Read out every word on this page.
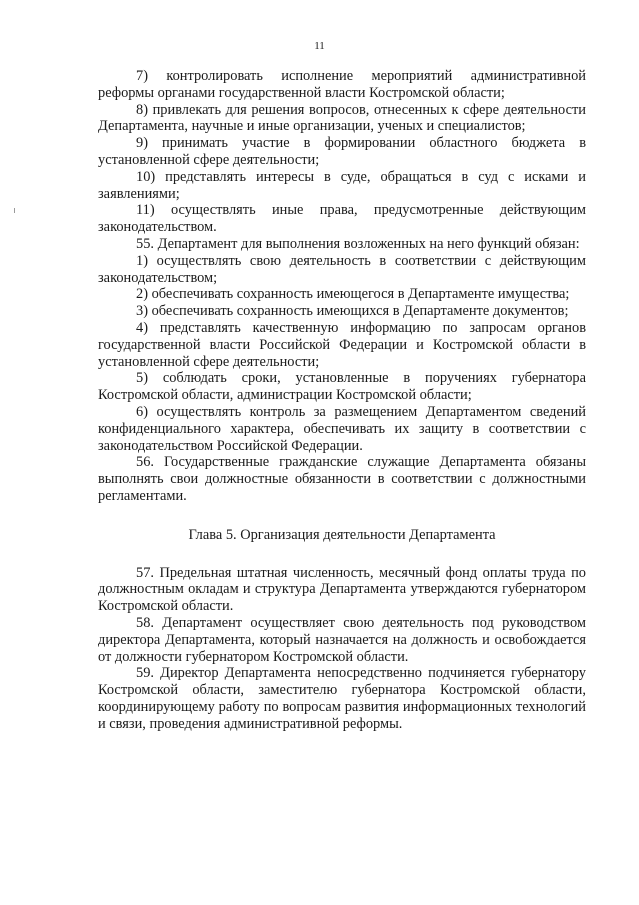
11

7) контролировать исполнение мероприятий административной реформы органами государственной власти Костромской области;

8) привлекать для решения вопросов, отнесенных к сфере деятельности Департамента, научные и иные организации, ученых и специалистов;

9) принимать участие в формировании областного бюджета в установленной сфере деятельности;

10) представлять интересы в суде, обращаться в суд с исками и заявлениями;

11) осуществлять иные права, предусмотренные действующим законодательством.

55. Департамент для выполнения возложенных на него функций обязан:

1) осуществлять свою деятельность в соответствии с действующим законодательством;

2) обеспечивать сохранность имеющегося в Департаменте имущества;

3) обеспечивать сохранность имеющихся в Департаменте документов;

4) представлять качественную информацию по запросам органов государственной власти Российской Федерации и Костромской области в установленной сфере деятельности;

5) соблюдать сроки, установленные в поручениях губернатора Костромской области, администрации Костромской области;

6) осуществлять контроль за размещением Департаментом сведений конфиденциального характера, обеспечивать их защиту в соответствии с законодательством Российской Федерации.

56. Государственные гражданские служащие Департамента обязаны выполнять свои должностные обязанности в соответствии с должностными регламентами.

Глава 5. Организация деятельности Департамента

57. Предельная штатная численность, месячный фонд оплаты труда по должностным окладам и структура Департамента утверждаются губернатором Костромской области.

58. Департамент осуществляет свою деятельность под руководством директора Департамента, который назначается на должность и освобождается от должности губернатором Костромской области.

59. Директор Департамента непосредственно подчиняется губернатору Костромской области, заместителю губернатора Костромской области, координирующему работу по вопросам развития информационных технологий и связи, проведения административной реформы.
